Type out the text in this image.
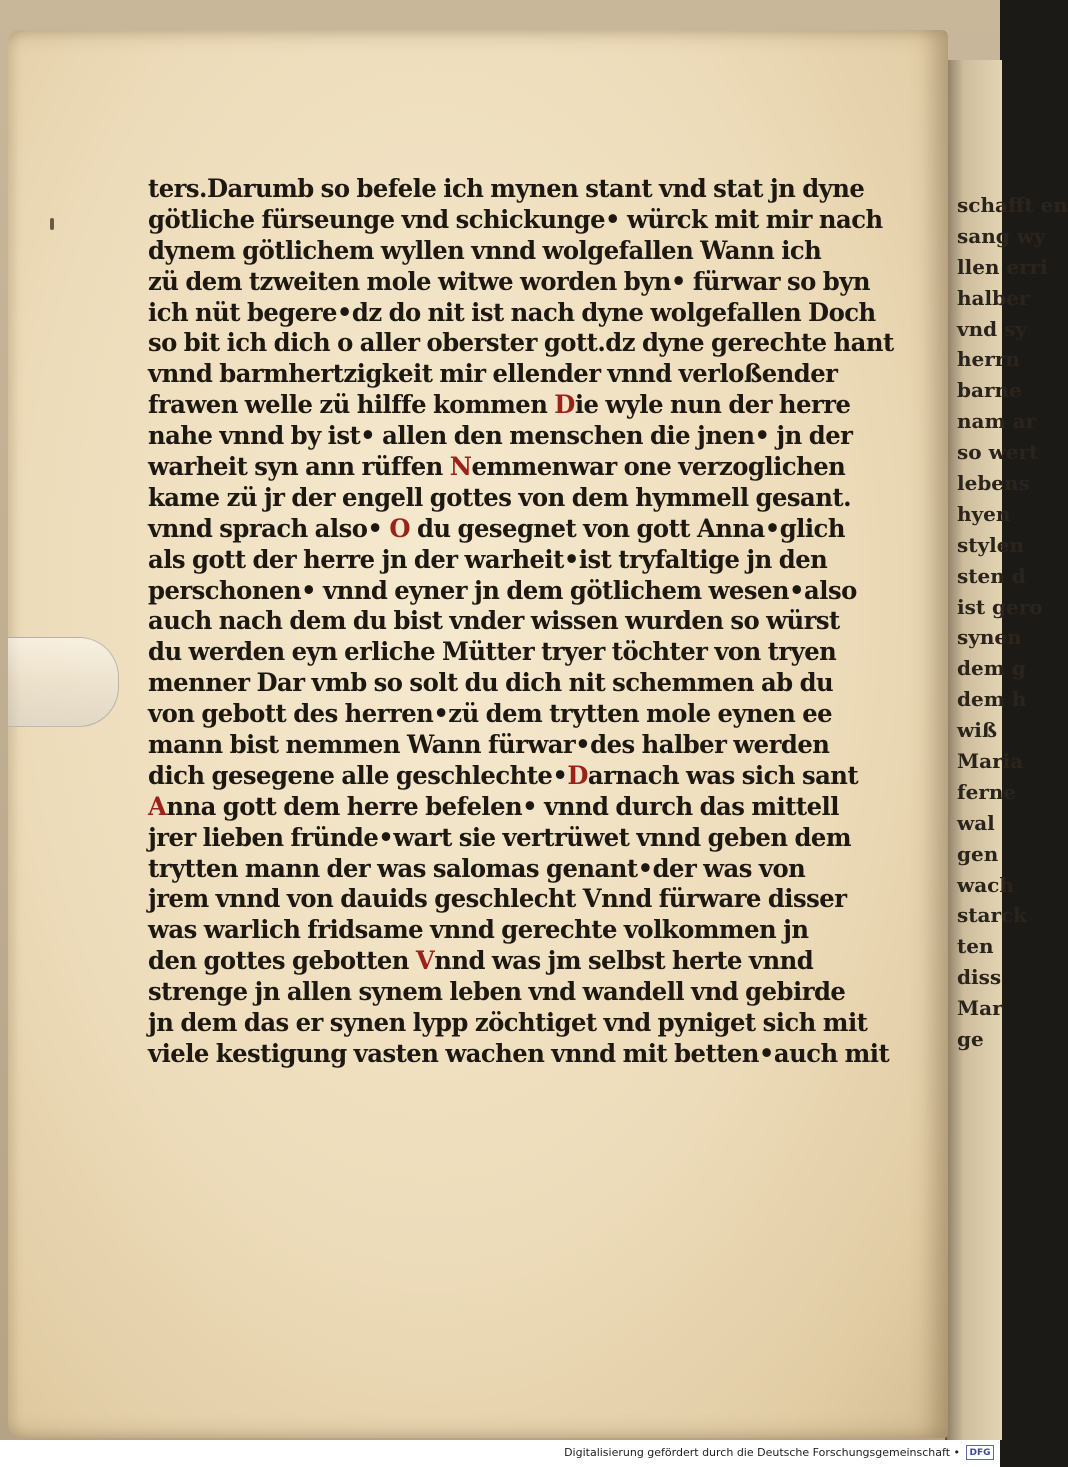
schafft en
sang wy
llen erri
halber
vnd sy
herrn
barne
nam ar
so wert
lebens
hyen
stylen
sten d
ist gero
synen
dem g
dem h
wiß
Maria
ferne
wal
gen
wach
starck
ten
diss
Mar
ge
ters.Darumb so befele ich mynen stant vnd stat jn dyne
götliche fürseunge vnd schickunge• würck mit mir nach
dynem götlichem wyllen vnnd wolgefallen Wann ich
zü dem tzweiten mole witwe worden byn• fürwar so byn
ich nüt begere•dz do nit ist nach dyne wolgefallen Doch
so bit ich dich o aller oberster gott.dz dyne gerechte hant
vnnd barmhertzigkeit mir ellender vnnd verloßender
frawen welle zü hilffe kommen Die wyle nun der herre
nahe vnnd by ist• allen den menschen die jnen• jn der
warheit syn ann rüffen Nemmenwar one verzoglichen
kame zü jr der engell gottes von dem hymmell gesant.
vnnd sprach also• O du gesegnet von gott Anna•glich
als gott der herre jn der warheit•ist tryfaltige jn den
perschonen• vnnd eyner jn dem götlichem wesen•also
auch nach dem du bist vnder wissen wurden so würst
du werden eyn erliche Mütter tryer töchter von tryen
menner Dar vmb so solt du dich nit schemmen ab du
von gebott des herren•zü dem trytten mole eynen ee
mann bist nemmen Wann fürwar•des halber werden
dich gesegene alle geschlechte•Darnach was sich sant
Anna gott dem herre befelen• vnnd durch das mittell
jrer lieben fründe•wart sie vertrüwet vnnd geben dem
trytten mann der was salomas genant•der was von
jrem vnnd von dauids geschlecht Vnnd fürware disser
was warlich fridsame vnnd gerechte volkommen jn
den gottes gebotten Vnnd was jm selbst herte vnnd
strenge jn allen synem leben vnd wandell vnd gebirde
jn dem das er synen lypp zöchtiget vnd pyniget sich mit
viele kestigung vasten wachen vnnd mit betten•auch mit
Digitalisierung gefördert durch die Deutsche Forschungsgemeinschaft •	DFG
